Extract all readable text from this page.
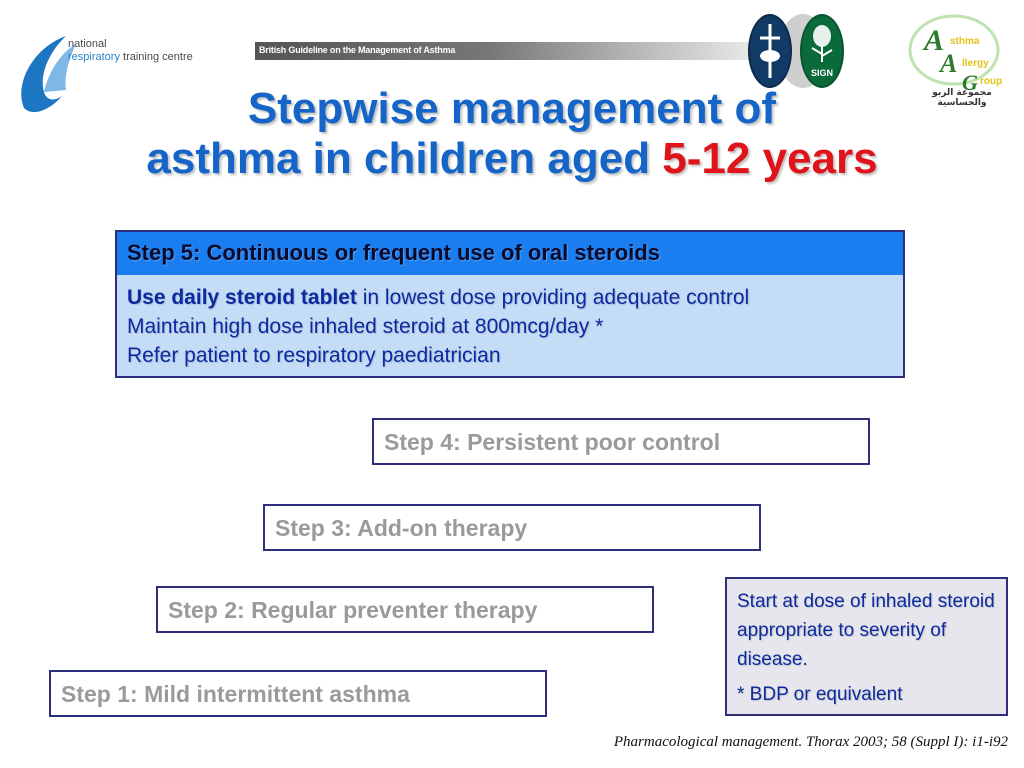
national
respiratory training centre
British Guideline on the Management of Asthma
SIGN
A sthma
A llergy
G roup
مجموعة الربو والحساسية
Stepwise management of
asthma in children aged 5-12 years
Step 5: Continuous or frequent use of oral steroids
Use daily steroid tablet in lowest dose providing adequate control
Maintain high dose inhaled steroid at 800mcg/day *
Refer patient to respiratory paediatrician
Step 4: Persistent poor control
Step 3: Add-on therapy
Step 2: Regular preventer therapy
Step 1: Mild intermittent asthma

Start at dose of inhaled steroid appropriate to severity of disease.

* BDP or equivalent

Pharmacological management. Thorax 2003; 58 (Suppl I): i1-i92
